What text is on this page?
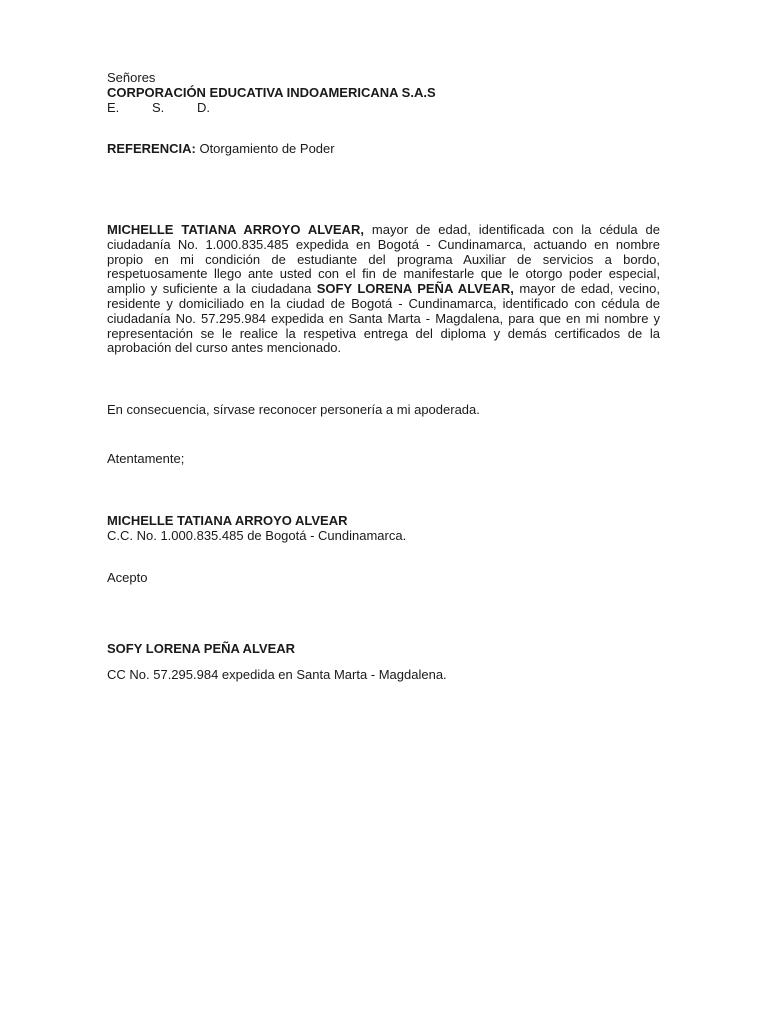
Señores
CORPORACIÓN EDUCATIVA INDOAMERICANA S.A.S
E.	S.	D.
REFERENCIA: Otorgamiento de Poder
MICHELLE TATIANA ARROYO ALVEAR, mayor de edad, identificada con la cédula de ciudadanía No. 1.000.835.485 expedida en Bogotá - Cundinamarca, actuando en nombre propio en mi condición de estudiante del programa Auxiliar de servicios a bordo, respetuosamente llego ante usted con el fin de manifestarle que le otorgo poder especial, amplio y suficiente a la ciudadana SOFY LORENA PEÑA ALVEAR, mayor de edad, vecino, residente y domiciliado en la ciudad de Bogotá - Cundinamarca, identificado con cédula de ciudadanía No. 57.295.984 expedida en Santa Marta - Magdalena, para que en mi nombre y representación se le realice la respetiva entrega del diploma y demás certificados de la aprobación del curso antes mencionado.
En consecuencia, sírvase reconocer personería a mi apoderada.
Atentamente;
MICHELLE TATIANA ARROYO ALVEAR
C.C. No. 1.000.835.485 de Bogotá - Cundinamarca.
Acepto
SOFY LORENA PEÑA ALVEAR
CC No. 57.295.984 expedida en Santa Marta - Magdalena.
